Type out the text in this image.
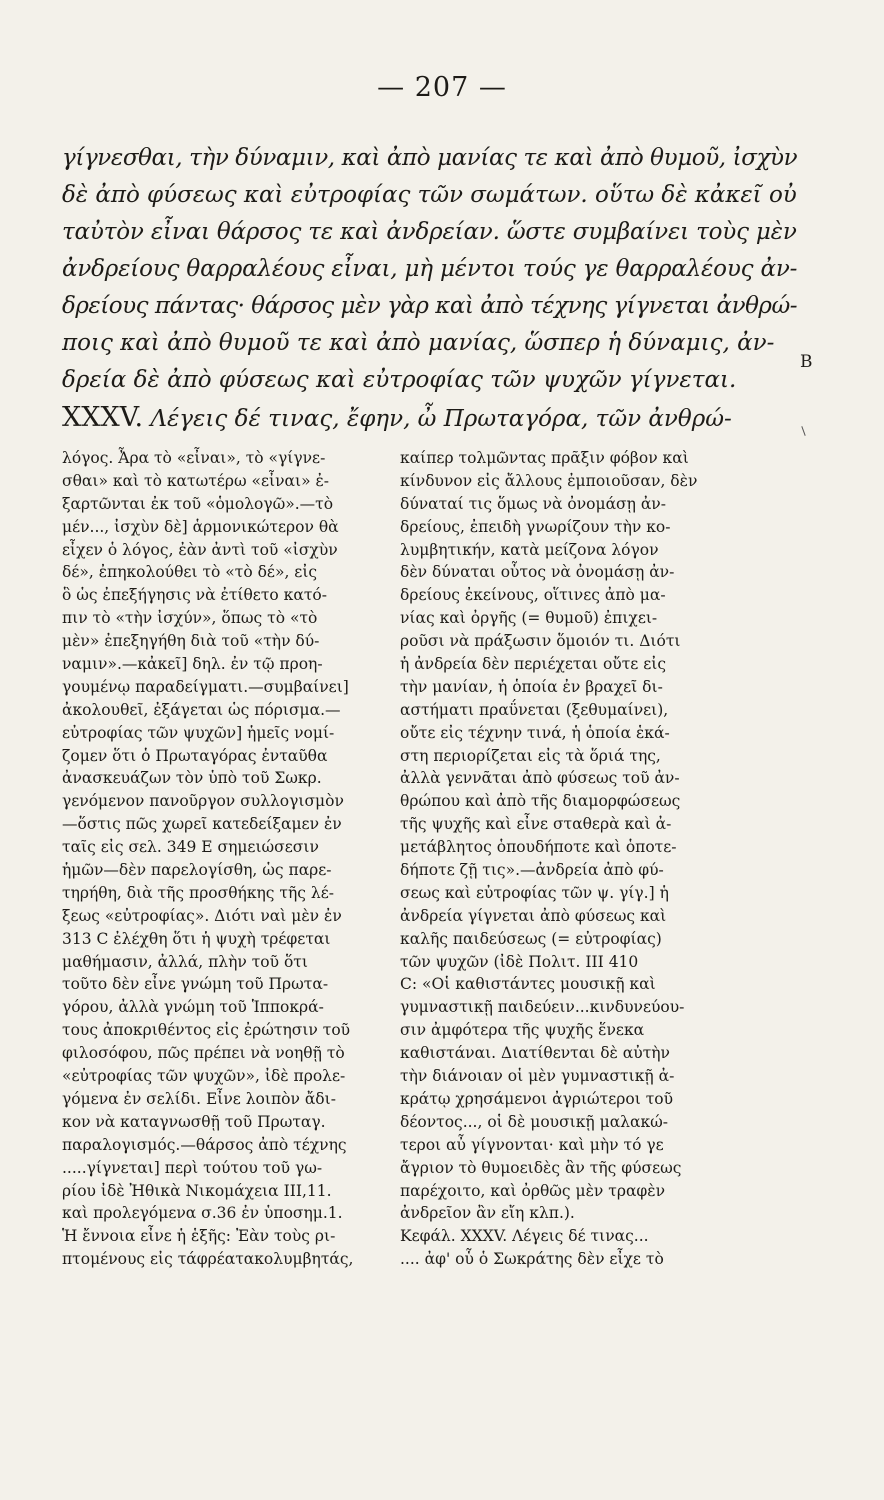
— 207 —
γίγνεσθαι, τὴν δύναμιν, καὶ ἀπὸ μανίας τε καὶ ἀπὸ θυμοῦ, ἰσχὺν
δὲ ἀπὸ φύσεως καὶ εὐτροφίας τῶν σωμάτων. οὕτω δὲ κἀκεῖ οὐ
ταὐτὸν εἶναι θάρσος τε καὶ ἀνδρείαν. ὥστε συμβαίνει τοὺς μὲν
ἀνδρείους θαρραλέους εἶναι, μὴ μέντοι τούς γε θαρραλέους ἀν-
δρείους πάντας· θάρσος μὲν γὰρ καὶ ἀπὸ τέχνης γίγνεται ἀνθρώ-
ποις καὶ ἀπὸ θυμοῦ τε καὶ ἀπὸ μανίας, ὥσπερ ἡ δύναμις, ἀν-
δρεία δὲ ἀπὸ φύσεως καὶ εὐτροφίας τῶν ψυχῶν γίγνεται.
XXXV. Λέγεις δέ τινας, ἔφην, ὦ Πρωταγόρα, τῶν ἀνθρώ-
B
λόγος. Ἆρα τὸ «εἶναι», τὸ «γίγνε-
σθαι» καὶ τὸ κατωτέρω «εἶναι» ἐ-
ξαρτῶνται ἐκ τοῦ «ὁμολογῶ».—τὸ
μέν..., ἰσχὺν δὲ] ἁρμονικώτερον θὰ
εἶχεν ὁ λόγος, ἐὰν ἀντὶ τοῦ «ἰσχὺν
δέ», ἐπηκολούθει τὸ «τὸ δέ», εἰς
ὃ ὡς ἐπεξήγησις νὰ ἐτίθετο κατό-
πιν τὸ «τὴν ἰσχύν», ὅπως τὸ «τὸ
μὲν» ἐπεξηγήθη διὰ τοῦ «τὴν δύ-
ναμιν».—κἀκεῖ] δηλ. ἐν τῷ προη-
γουμένῳ παραδείγματι.—συμβαίνει]
ἀκολουθεῖ, ἐξάγεται ὡς πόρισμα.—
εὐτροφίας τῶν ψυχῶν] ἡμεῖς νομί-
ζομεν ὅτι ὁ Πρωταγόρας ἐνταῦθα
ἀνασκευάζων τὸν ὑπὸ τοῦ Σωκρ.
γενόμενον πανοῦργον συλλογισμὸν
—ὅστις πῶς χωρεῖ κατεδείξαμεν ἐν
ταῖς εἰς σελ. 349 E σημειώσεσιν
ἡμῶν—δὲν παρελογίσθη, ὡς παρε-
τηρήθη, διὰ τῆς προσθήκης τῆς λέ-
ξεως «εὐτροφίας». Διότι ναὶ μὲν ἐν
313 C ἐλέχθη ὅτι ἡ ψυχὴ τρέφεται
μαθήμασιν, ἀλλά, πλὴν τοῦ ὅτι
τοῦτο δὲν εἶνε γνώμη τοῦ Πρωτα-
γόρου, ἀλλὰ γνώμη τοῦ Ἱπποκρά-
τους ἀποκριθέντος εἰς ἐρώτησιν τοῦ
φιλοσόφου, πῶς πρέπει νὰ νοηθῇ τὸ
«εὐτροφίας τῶν ψυχῶν», ἰδὲ προλε-
γόμενα ἐν σελίδι. Εἶνε λοιπὸν ἄδι-
κον νὰ καταγνωσθῇ τοῦ Πρωταγ.
παραλογισμός.—θάρσος ἀπὸ τέχνης
.....γίγνεται] περὶ τούτου τοῦ γω-
ρίου ἰδὲ Ἠθικὰ Νικομάχεια III,11.
καὶ προλεγόμενα σ.36 ἐν ὑποσημ.1.
Ἡ ἔννοια εἶνε ἡ ἑξῆς: Ἐὰν τοὺς ρι-
πτομένους εἰς τάφρέατακολυμβητάς,
καίπερ τολμῶντας πρᾶξιν φόβον καὶ
κίνδυνον εἰς ἄλλους ἐμποιοῦσαν, δὲν
δύναταί τις ὅμως νὰ ὀνομάσῃ ἀν-
δρείους, ἐπειδὴ γνωρίζουν τὴν κο-
λυμβητικήν, κατὰ μείζονα λόγον
δὲν δύναται οὗτος νὰ ὀνομάσῃ ἀν-
δρείους ἐκείνους, οἵτινες ἀπὸ μα-
νίας καὶ ὀργῆς (= θυμοῦ) ἐπιχει-
ροῦσι νὰ πράξωσιν ὅμοιόν τι. Διότι
ἡ ἀνδρεία δὲν περιέχεται οὔτε εἰς
τὴν μανίαν, ἡ ὁποία ἐν βραχεῖ δι-
αστήματι πραΰνεται (ξεθυμαίνει),
οὔτε εἰς τέχνην τινά, ἡ ὁποία ἑκά-
στη περιορίζεται εἰς τὰ ὅριά της,
ἀλλὰ γεννᾶται ἀπὸ φύσεως τοῦ ἀν-
θρώπου καὶ ἀπὸ τῆς διαμορφώσεως
τῆς ψυχῆς καὶ εἶνε σταθερὰ καὶ ἀ-
μετάβλητος ὁπουδήποτε καὶ ὁποτε-
δήποτε ζῇ τις».—ἀνδρεία ἀπὸ φύ-
σεως καὶ εὐτροφίας τῶν ψ. γίγ.] ἡ
ἀνδρεία γίγνεται ἀπὸ φύσεως καὶ
καλῆς παιδεύσεως (= εὐτροφίας)
τῶν ψυχῶν (ἰδὲ Πολιτ. III 410
C: «Οἱ καθιστάντες μουσικῇ καὶ
γυμναστικῇ παιδεύειν...κινδυνεύου-
σιν ἀμφότερα τῆς ψυχῆς ἕνεκα
καθιστάναι. Διατίθενται δὲ αὐτὴν
τὴν διάνοιαν οἱ μὲν γυμναστικῇ ἀ-
κράτῳ χρησάμενοι ἀγριώτεροι τοῦ
δέοντος..., οἱ δὲ μουσικῇ μαλακώ-
τεροι αὖ γίγνονται· καὶ μὴν τό γε
ἄγριον τὸ θυμοειδὲς ἂν τῆς φύσεως
παρέχοιτο, καὶ ὀρθῶς μὲν τραφὲν
ἀνδρεῖον ἂν εἴη κλπ.).
Κεφάλ. XXXV. Λέγεις δέ τινας...
.... ἀφ' οὗ ὁ Σωκράτης δὲν εἶχε τὸ
